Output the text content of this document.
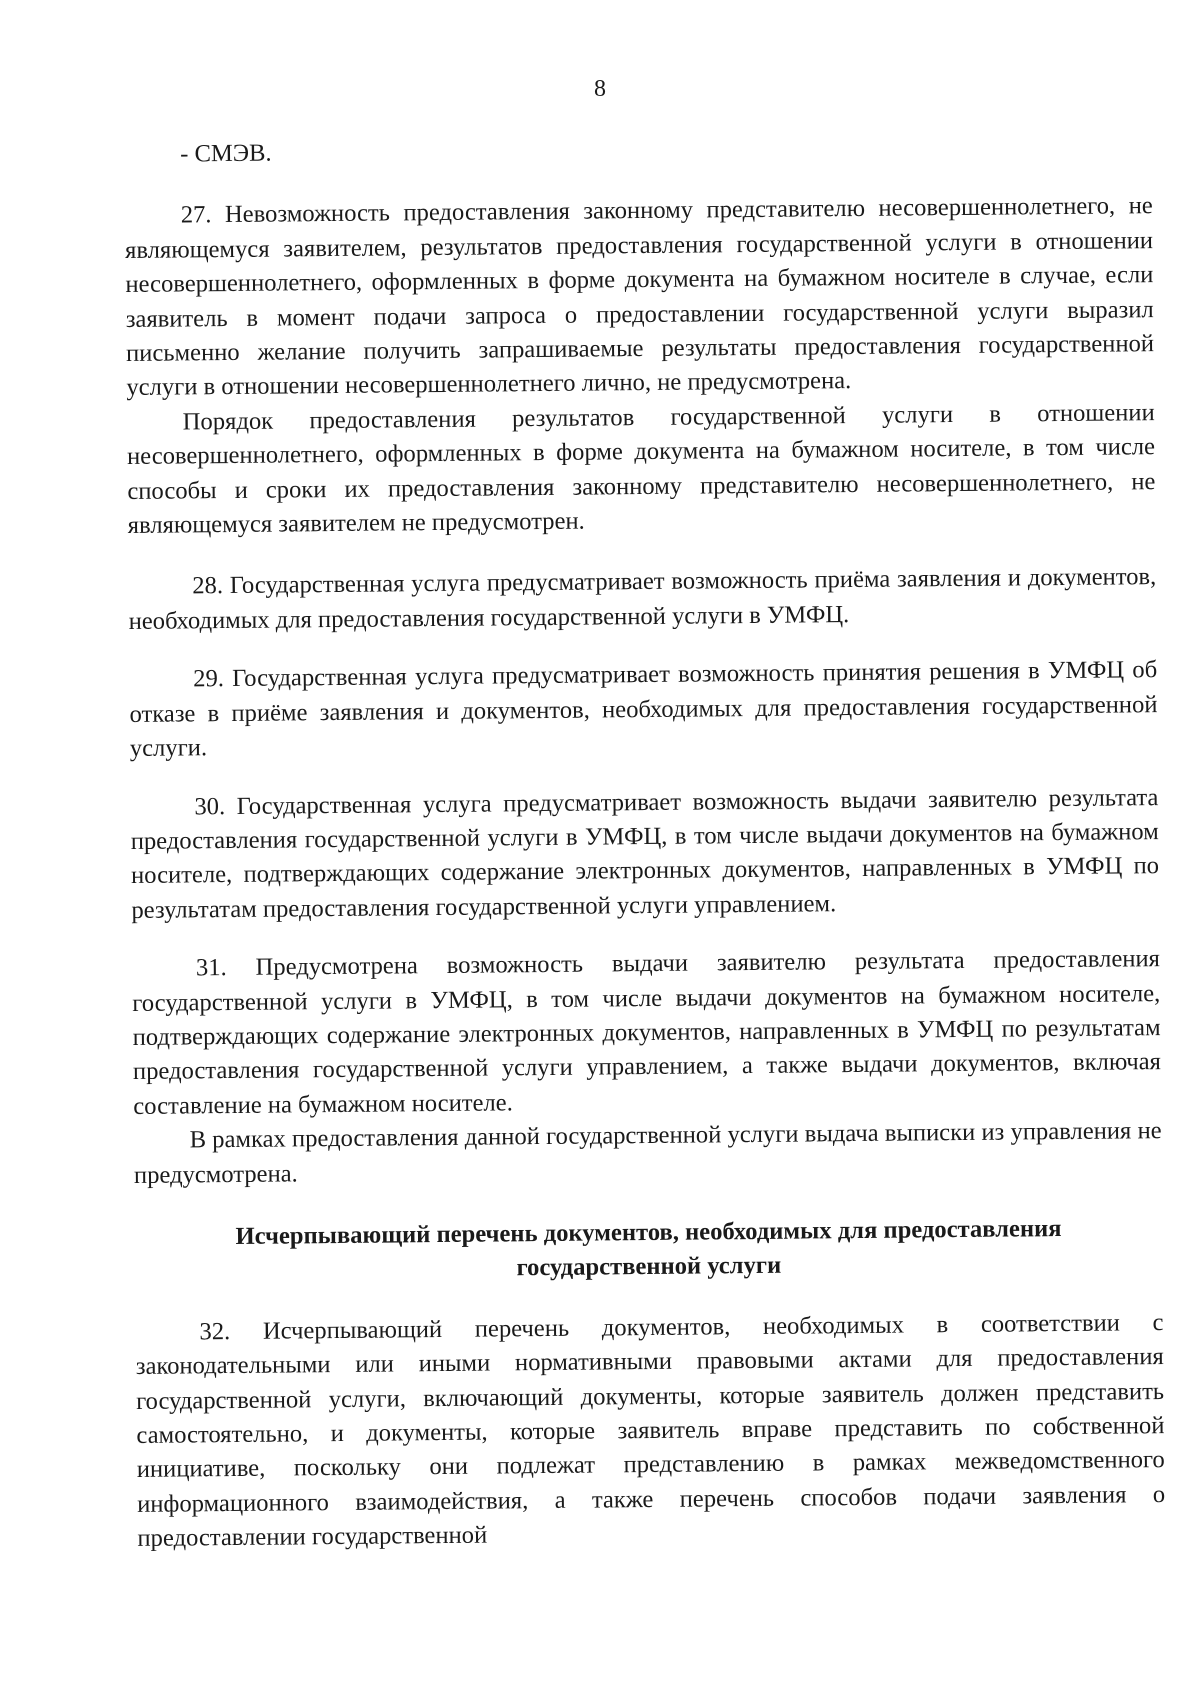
8

- СМЭВ.

27. Невозможность предоставления законному представителю несовершеннолетнего, не являющемуся заявителем, результатов предоставления государственной услуги в отношении несовершеннолетнего, оформленных в форме документа на бумажном носителе в случае, если заявитель в момент подачи запроса о предоставлении государственной услуги выразил письменно желание получить запрашиваемые результаты предоставления государственной услуги в отношении несовершеннолетнего лично, не предусмотрена.

Порядок предоставления результатов государственной услуги в отношении несовершеннолетнего, оформленных в форме документа на бумажном носителе, в том числе способы и сроки их предоставления законному представителю несовершеннолетнего, не являющемуся заявителем не предусмотрен.

28. Государственная услуга предусматривает возможность приёма заявления и документов, необходимых для предоставления государственной услуги в УМФЦ.

29. Государственная услуга предусматривает возможность принятия решения в УМФЦ об отказе в приёме заявления и документов, необходимых для предоставления государственной услуги.

30. Государственная услуга предусматривает возможность выдачи заявителю результата предоставления государственной услуги в УМФЦ, в том числе выдачи документов на бумажном носителе, подтверждающих содержание электронных документов, направленных в УМФЦ по результатам предоставления государственной услуги управлением.

31. Предусмотрена возможность выдачи заявителю результата предоставления государственной услуги в УМФЦ, в том числе выдачи документов на бумажном носителе, подтверждающих содержание электронных документов, направленных в УМФЦ по результатам предоставления государственной услуги управлением, а также выдачи документов, включая составление на бумажном носителе.

В рамках предоставления данной государственной услуги выдача выписки из управления не предусмотрена.

Исчерпывающий перечень документов, необходимых для предоставления
государственной услуги

32. Исчерпывающий перечень документов, необходимых в соответствии с законодательными или иными нормативными правовыми актами для предоставления государственной услуги, включающий документы, которые заявитель должен представить самостоятельно, и документы, которые заявитель вправе представить по собственной инициативе, поскольку они подлежат представлению в рамках межведомственного информационного взаимодействия, а также перечень способов подачи заявления о предоставлении государственной
